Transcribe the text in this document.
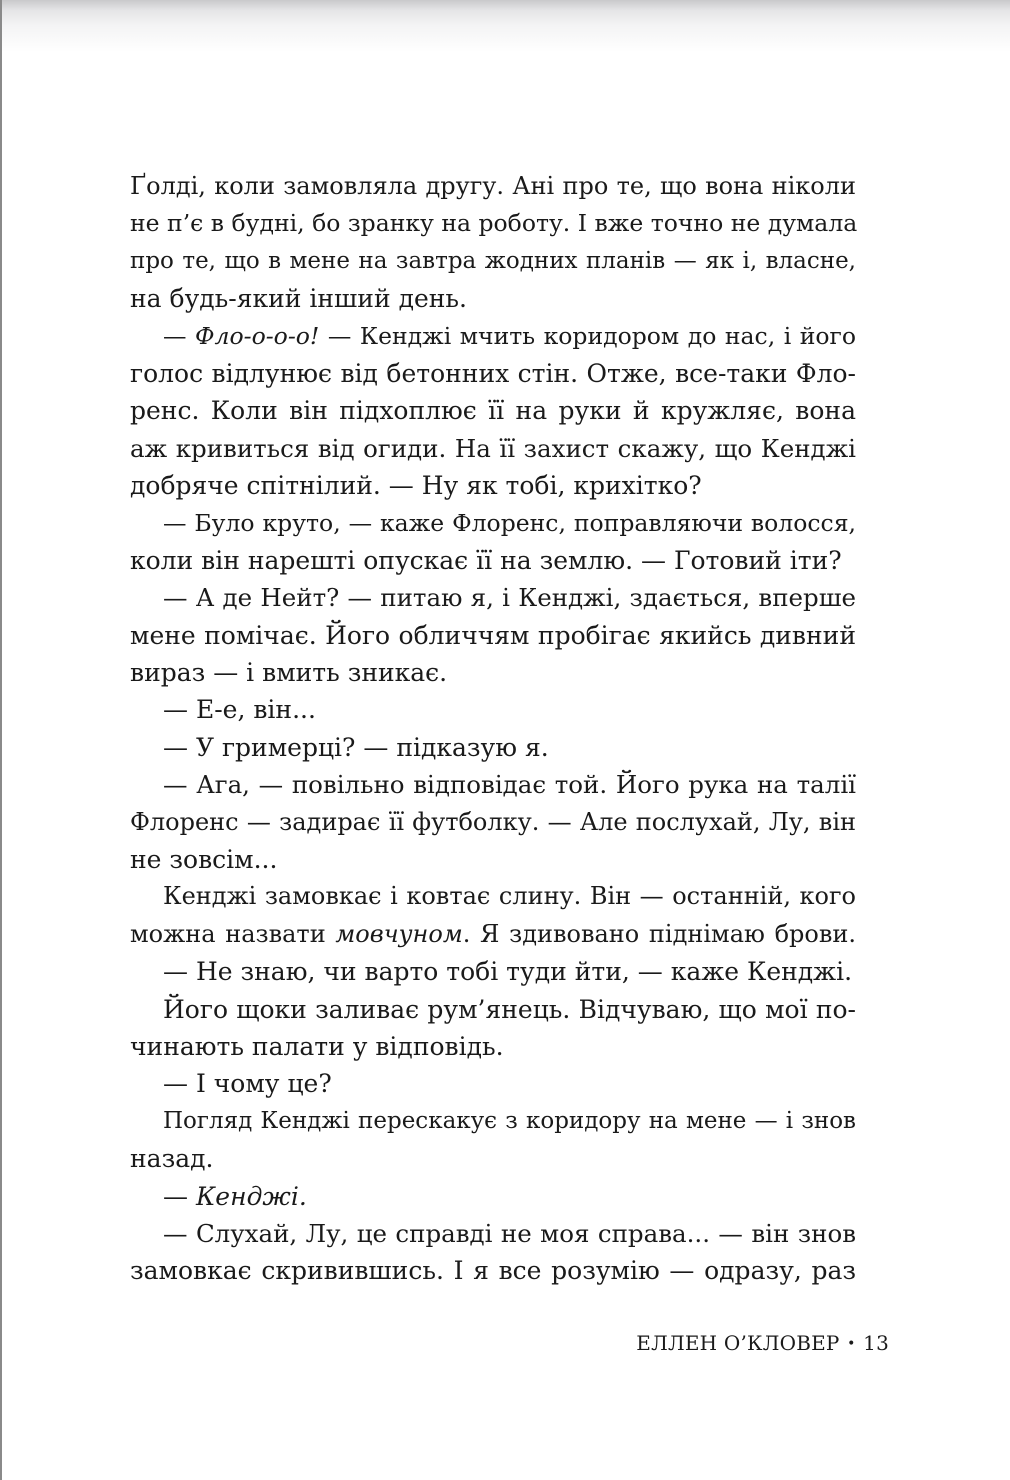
Ґолді, коли замовляла другу. Ані про те, що вона ніколи
не п’є в будні, бо зранку на роботу. І вже точно не думала
про те, що в мене на завтра жодних планів — як і, власне,
на будь-який інший день.
— Фло-о-о-о! — Кенджі мчить коридором до нас, і його
голос відлунює від бетонних стін. Отже, все-таки Фло-
ренс. Коли він підхоплює її на руки й кружляє, вона
аж кривиться від огиди. На її захист скажу, що Кенджі
добряче спітнілий. — Ну як тобі, крихітко?
— Було круто, — каже Флоренс, поправляючи волосся,
коли він нарешті опускає її на землю. — Готовий іти?
— А де Нейт? — питаю я, і Кенджі, здається, вперше
мене помічає. Його обличчям пробігає якийсь дивний
вираз — і вмить зникає.
— Е-е, він...
— У гримерці? — підказую я.
— Ага, — повільно відповідає той. Його рука на талії
Флоренс — задирає її футболку. — Але послухай, Лу, він
не зовсім...
Кенджі замовкає і ковтає слину. Він — останній, кого
можна назвати мовчуном. Я здивовано піднімаю брови.
— Не знаю, чи варто тобі туди йти, — каже Кенджі.
Його щоки заливає рум’янець. Відчуваю, що мої по-
чинають палати у відповідь.
— І чому це?
Погляд Кенджі перескакує з коридору на мене — і знов
назад.
— Кенджі.
— Слухай, Лу, це справді не моя справа... — він знов
замовкає скривившись. І я все розумію — одразу, раз
ЕЛЛЕН О’КЛОВЕР • 13
